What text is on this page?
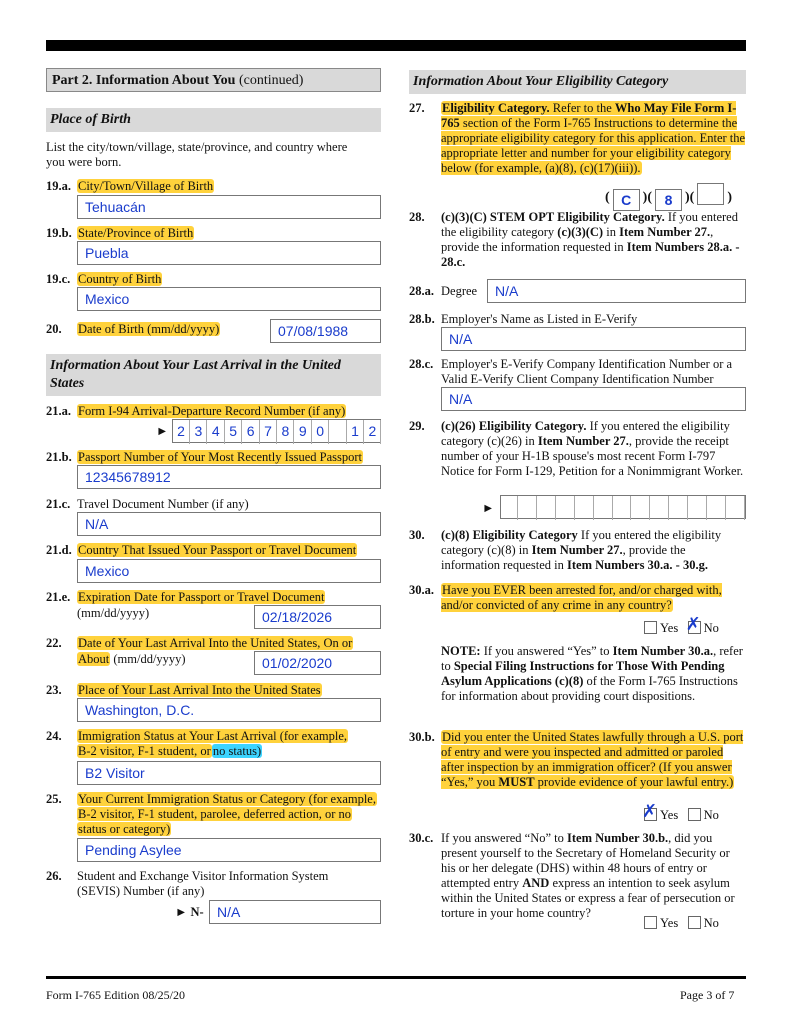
Part 2. Information About You (continued)
Place of Birth
List the city/town/village, state/province, and country where you were born.
19.a. City/Town/Village of Birth
Tehuacán
19.b. State/Province of Birth
Puebla
19.c. Country of Birth
Mexico
20. Date of Birth (mm/dd/yyyy)	07/08/1988
Information About Your Last Arrival in the United States
21.a. Form I-94 Arrival-Departure Record Number (if any)
► 2 3 4 5 6 7 8 9 0	1 2
21.b. Passport Number of Your Most Recently Issued Passport
12345678912
21.c. Travel Document Number (if any)
N/A
21.d. Country That Issued Your Passport or Travel Document
Mexico
21.e. Expiration Date for Passport or Travel Document
(mm/dd/yyyy)	02/18/2026
22. Date of Your Last Arrival Into the United States, On or
About (mm/dd/yyyy)	01/02/2020
23. Place of Your Last Arrival Into the United States
Washington, D.C.
24. Immigration Status at Your Last Arrival (for example,
B-2 visitor, F-1 student, or no status)
B2 Visitor
25. Your Current Immigration Status or Category (for example,
B-2 visitor, F-1 student, parolee, deferred action, or no
status or category)
Pending Asylee
26. Student and Exchange Visitor Information System (SEVIS) Number (if any)
► N- N/A
Information About Your Eligibility Category
27. Eligibility Category. Refer to the Who May File Form I-765 section of the Form I-765 Instructions to determine the appropriate eligibility category for this application. Enter the appropriate letter and number for your eligibility category below (for example, (a)(8), (c)(17)(iii)).
( C )( 8 )( )
28. (c)(3)(C) STEM OPT Eligibility Category. If you entered the eligibility category (c)(3)(C) in Item Number 27., provide the information requested in Item Numbers 28.a. - 28.c.
28.a. Degree	N/A
28.b. Employer's Name as Listed in E-Verify
N/A
28.c. Employer's E-Verify Company Identification Number or a Valid E-Verify Client Company Identification Number
N/A
29. (c)(26) Eligibility Category. If you entered the eligibility category (c)(26) in Item Number 27., provide the receipt number of your H-1B spouse's most recent Form I-797 Notice for Form I-129, Petition for a Nonimmigrant Worker.
►
30. (c)(8) Eligibility Category If you entered the eligibility category (c)(8) in Item Number 27., provide the information requested in Item Numbers 30.a. - 30.g.
30.a. Have you EVER been arrested for, and/or charged with, and/or convicted of any crime in any country?
Yes ✗ No
NOTE: If you answered “Yes” to Item Number 30.a., refer to Special Filing Instructions for Those With Pending Asylum Applications (c)(8) of the Form I-765 Instructions for information about providing court dispositions.
30.b. Did you enter the United States lawfully through a U.S. port of entry and were you inspected and admitted or paroled after inspection by an immigration officer? (If you answer “Yes,” you MUST provide evidence of your lawful entry.)
✗ Yes No
30.c. If you answered “No” to Item Number 30.b., did you present yourself to the Secretary of Homeland Security or his or her delegate (DHS) within 48 hours of entry or attempted entry AND express an intention to seek asylum within the United States or express a fear of persecution or torture in your home country?
Yes No
Form I-765 Edition 08/25/20	Page 3 of 7
